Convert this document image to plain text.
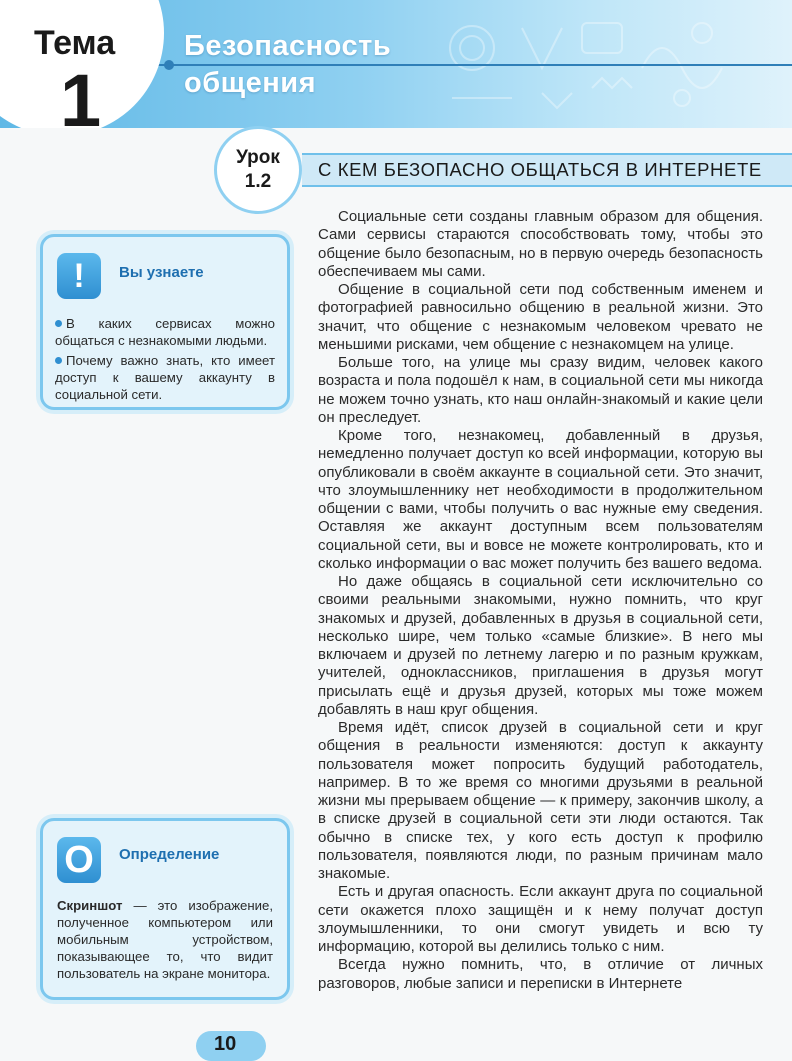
Тема
1
Безопасность
общения
С КЕМ БЕЗОПАСНО ОБЩАТЬСЯ В ИНТЕРНЕТЕ
Урок
1.2
!	Вы узнаете
В каких сервисах можно общаться с незнакомыми людьми.
Почему важно знать, кто имеет доступ к вашему аккаунту в социальной сети.
О	Определение
Скриншот — это изображение, полученное компьютером или мобильным устройством, показывающее то, что видит пользователь на экране монитора.

Социальные сети созданы главным образом для общения. Сами сервисы стараются способствовать тому, чтобы это общение было безопасным, но в первую очередь безопасность обеспечиваем мы сами.

Общение в социальной сети под собственным именем и фотографией равносильно общению в реальной жизни. Это значит, что общение с незнакомым человеком чревато не меньшими рисками, чем общение с незнакомцем на улице.

Больше того, на улице мы сразу видим, человек какого возраста и пола подошёл к нам, в социальной сети мы никогда не можем точно узнать, кто наш онлайн-знакомый и какие цели он преследует.

Кроме того, незнакомец, добавленный в друзья, немедленно получает доступ ко всей информации, которую вы опубликовали в своём аккаунте в социальной сети. Это значит, что злоумышленнику нет необходимости в продолжительном общении с вами, чтобы получить о вас нужные ему сведения. Оставляя же аккаунт доступным всем пользователям социальной сети, вы и вовсе не можете контролировать, кто и сколько информации о вас может получить без вашего ведома.

Но даже общаясь в социальной сети исключительно со своими реальными знакомыми, нужно помнить, что круг знакомых и друзей, добавленных в друзья в социальной сети, несколько шире, чем только «самые близкие». В него мы включаем и друзей по летнему лагерю и по разным кружкам, учителей, одноклассников, приглашения в друзья могут присылать ещё и друзья друзей, которых мы тоже можем добавлять в наш круг общения.

Время идёт, список друзей в социальной сети и круг общения в реальности изменяются: доступ к аккаунту пользователя может попросить будущий работодатель, например. В то же время со многими друзьями в реальной жизни мы прерываем общение — к примеру, закончив школу, а в списке друзей в социальной сети эти люди остаются. Так обычно в списке тех, у кого есть доступ к профилю пользователя, появляются люди, по разным причинам мало знакомые.

Есть и другая опасность. Если аккаунт друга по социальной сети окажется плохо защищён и к нему получат доступ злоумышленники, то они смогут увидеть и всю ту информацию, которой вы делились только с ним.

Всегда нужно помнить, что, в отличие от личных разговоров, любые записи и переписки в Интернете

10
